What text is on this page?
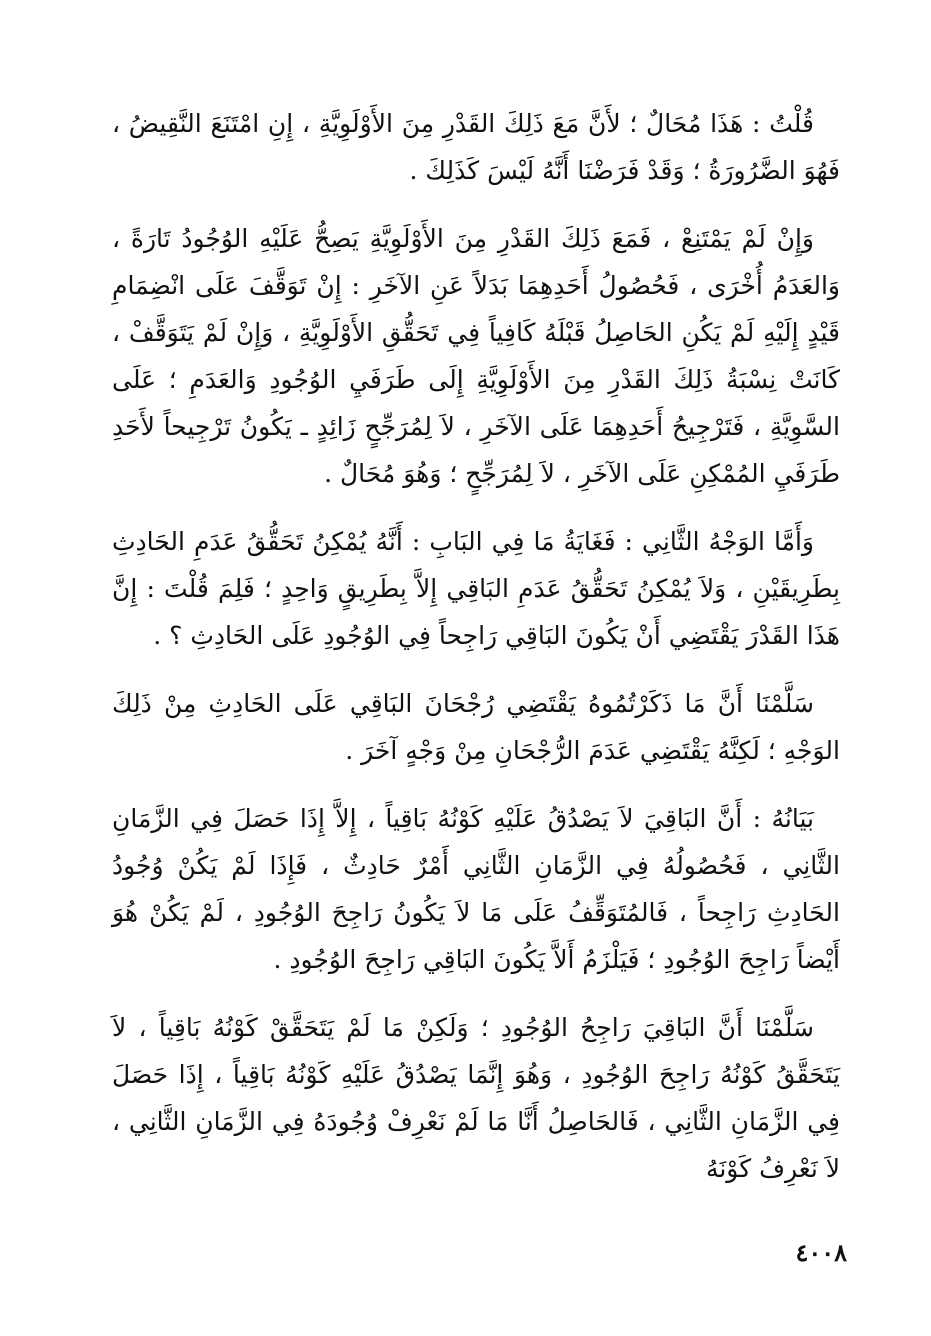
قُلْتُ : هَذَا مُحَالٌ ؛ لأَنَّ مَعَ ذَلِكَ القَدْرِ مِنَ الأَوْلَوِيَّةِ ، إِنِ امْتَنَعَ النَّقِيضُ ، فَهُوَ الضَّرُورَةُ ؛ وَقَدْ فَرَضْنَا أَنَّهُ لَيْسَ كَذَلِكَ .

وَإِنْ لَمْ يَمْتَنِعْ ، فَمَعَ ذَلِكَ القَدْرِ مِنَ الأَوْلَوِيَّةِ يَصِحُّ عَلَيْهِ الوُجُودُ تَارَةً ، وَالعَدَمُ أُخْرَى ، فَحُصُولُ أَحَدِهِمَا بَدَلاً عَنِ الآخَرِ : إِنْ تَوَقَّفَ عَلَى انْضِمَامِ قَيْدٍ إِلَيْهِ لَمْ يَكُنِ الحَاصِلُ قَبْلَهُ كَافِياً فِي تَحَقُّقِ الأَوْلَوِيَّةِ ، وَإِنْ لَمْ يَتَوَقَّفْ ، كَانَتْ نِسْبَةُ ذَلِكَ القَدْرِ مِنَ الأَوْلَوِيَّةِ إِلَى طَرَفَيِ الوُجُودِ وَالعَدَمِ ؛ عَلَى السَّوِيَّةِ ، فَتَرْجِيحُ أَحَدِهِمَا عَلَى الآخَرِ ، لاَ لِمُرَجِّحٍ زَائِدٍ ـ يَكُونُ تَرْجِيحاً لأَحَدِ طَرَفَيِ المُمْكِنِ عَلَى الآخَرِ ، لاَ لِمُرَجِّحٍ ؛ وَهُوَ مُحَالٌ .

وَأَمَّا الوَجْهُ الثَّانِي : فَغَايَةُ مَا فِي البَابِ : أَنَّهُ يُمْكِنُ تَحَقُّقُ عَدَمِ الحَادِثِ بِطَرِيقَيْنِ ، وَلاَ يُمْكِنُ تَحَقُّقُ عَدَمِ البَاقِي إِلاَّ بِطَرِيقٍ وَاحِدٍ ؛ فَلِمَ قُلْتَ : إِنَّ هَذَا القَدْرَ يَقْتَضِي أَنْ يَكُونَ البَاقِي رَاجِحاً فِي الوُجُودِ عَلَى الحَادِثِ ؟ .

سَلَّمْنَا أَنَّ مَا ذَكَرْتُمُوهُ يَقْتَضِي رُجْحَانَ البَاقِي عَلَى الحَادِثِ مِنْ ذَلِكَ الوَجْهِ ؛ لَكِنَّهُ يَقْتَضِي عَدَمَ الرُّجْحَانِ مِنْ وَجْهٍ آخَرَ .

بَيَانُهُ : أَنَّ البَاقِيَ لاَ يَصْدُقُ عَلَيْهِ كَوْنُهُ بَاقِياً ، إِلاَّ إِذَا حَصَلَ فِي الزَّمَانِ الثَّانِي ، فَحُصُولُهُ فِي الزَّمَانِ الثَّانِي أَمْرٌ حَادِثٌ ، فَإِذَا لَمْ يَكُنْ وُجُودُ الحَادِثِ رَاجِحاً ، فَالمُتَوَقِّفُ عَلَى مَا لاَ يَكُونُ رَاجِحَ الوُجُودِ ، لَمْ يَكُنْ هُوَ أَيْضاً رَاجِحَ الوُجُودِ ؛ فَيَلْزَمُ أَلاَّ يَكُونَ البَاقِي رَاجِحَ الوُجُودِ .

سَلَّمْنَا أَنَّ البَاقِيَ رَاجِحُ الوُجُودِ ؛ وَلَكِنْ مَا لَمْ يَتَحَقَّقْ كَوْنُهُ بَاقِياً ، لاَ يَتَحَقَّقُ كَوْنُهُ رَاجِحَ الوُجُودِ ، وَهُوَ إِنَّمَا يَصْدُقُ عَلَيْهِ كَوْنُهُ بَاقِياً ، إِذَا حَصَلَ فِي الزَّمَانِ الثَّانِي ، فَالحَاصِلُ أَنَّا مَا لَمْ نَعْرِفْ وُجُودَهُ فِي الزَّمَانِ الثَّانِي ، لاَ نَعْرِفُ كَوْنَهُ

٤٠٠٨
